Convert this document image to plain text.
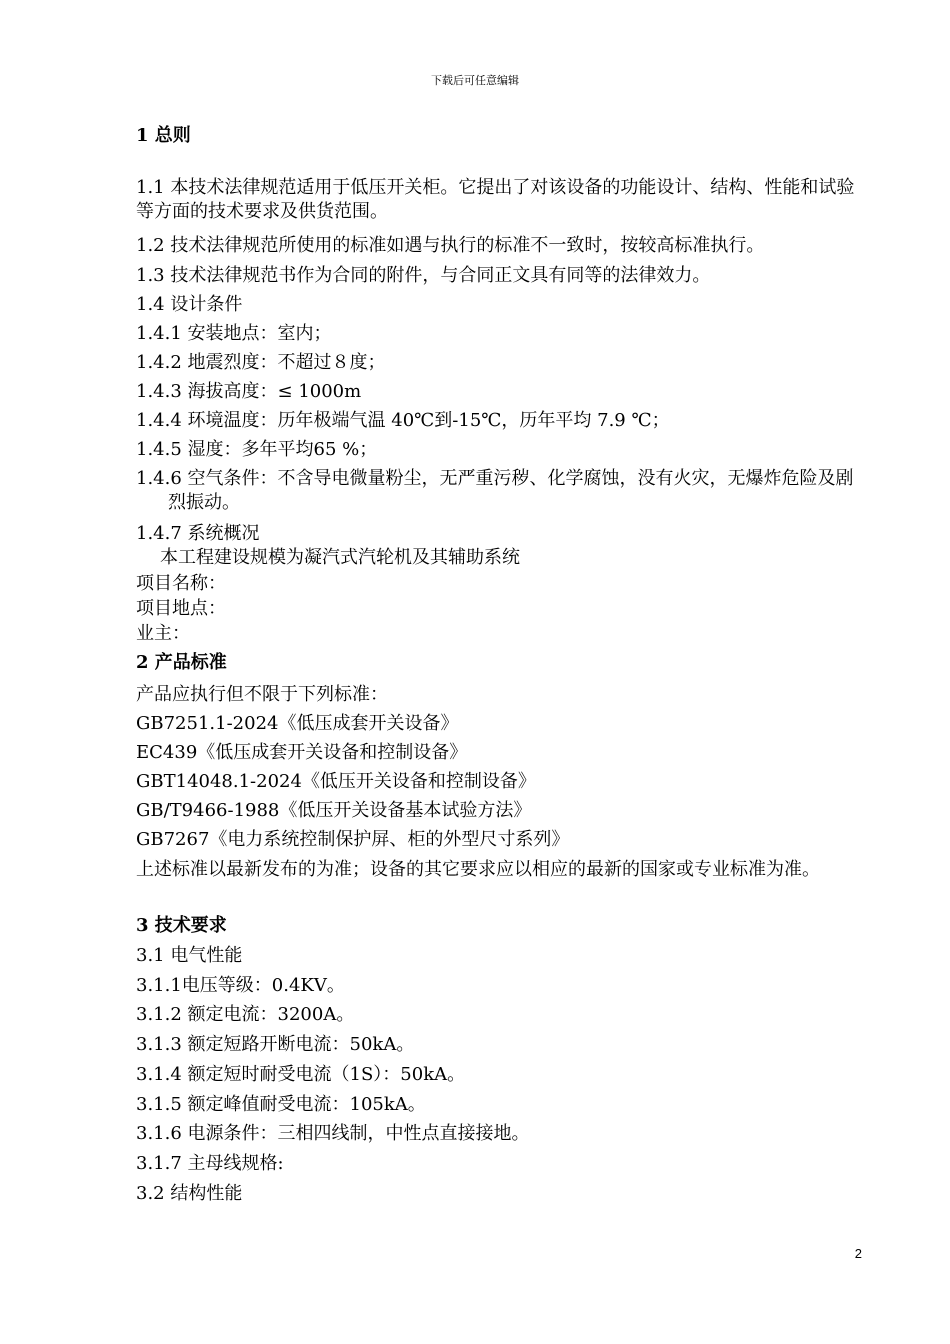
下载后可任意编辑

1 总则

1.1 本技术法律规范适用于低压开关柜。它提出了对该设备的功能设计、结构、性能和试验等方面的技术要求及供货范围。

1.2 技术法律规范所使用的标准如遇与执行的标准不一致时，按较高标准执行。

1.3 技术法律规范书作为合同的附件，与合同正文具有同等的法律效力。

1.4 设计条件

1.4.1 安装地点：室内；

1.4.2 地震烈度：不超过８度；

1.4.3 海拔高度：≤ 1000m

1.4.4 环境温度：历年极端气温 40℃到-15℃，历年平均 7.9 ℃；

1.4.5 湿度：多年平均65 %；

1.4.6 空气条件：不含导电微量粉尘，无严重污秽、化学腐蚀，没有火灾，无爆炸危险及剧烈振动。

1.4.7 系统概况

本工程建设规模为凝汽式汽轮机及其辅助系统

项目名称：

项目地点：

业主：

2 产品标准

产品应执行但不限于下列标准：

GB7251.1-2024《低压成套开关设备》

EC439《低压成套开关设备和控制设备》

GBT14048.1-2024《低压开关设备和控制设备》

GB/T9466-1988《低压开关设备基本试验方法》

GB7267《电力系统控制保护屏、柜的外型尺寸系列》

上述标准以最新发布的为准；设备的其它要求应以相应的最新的国家或专业标准为准。

3 技术要求

3.1 电气性能

3.1.1电压等级：0.4KV。

3.1.2 额定电流：3200A。

3.1.3 额定短路开断电流：50kA。

3.1.4 额定短时耐受电流（1S）：50kA。

3.1.5 额定峰值耐受电流：105kA。

3.1.6 电源条件：三相四线制，中性点直接接地。

3.1.7 主母线规格:

3.2 结构性能

2
